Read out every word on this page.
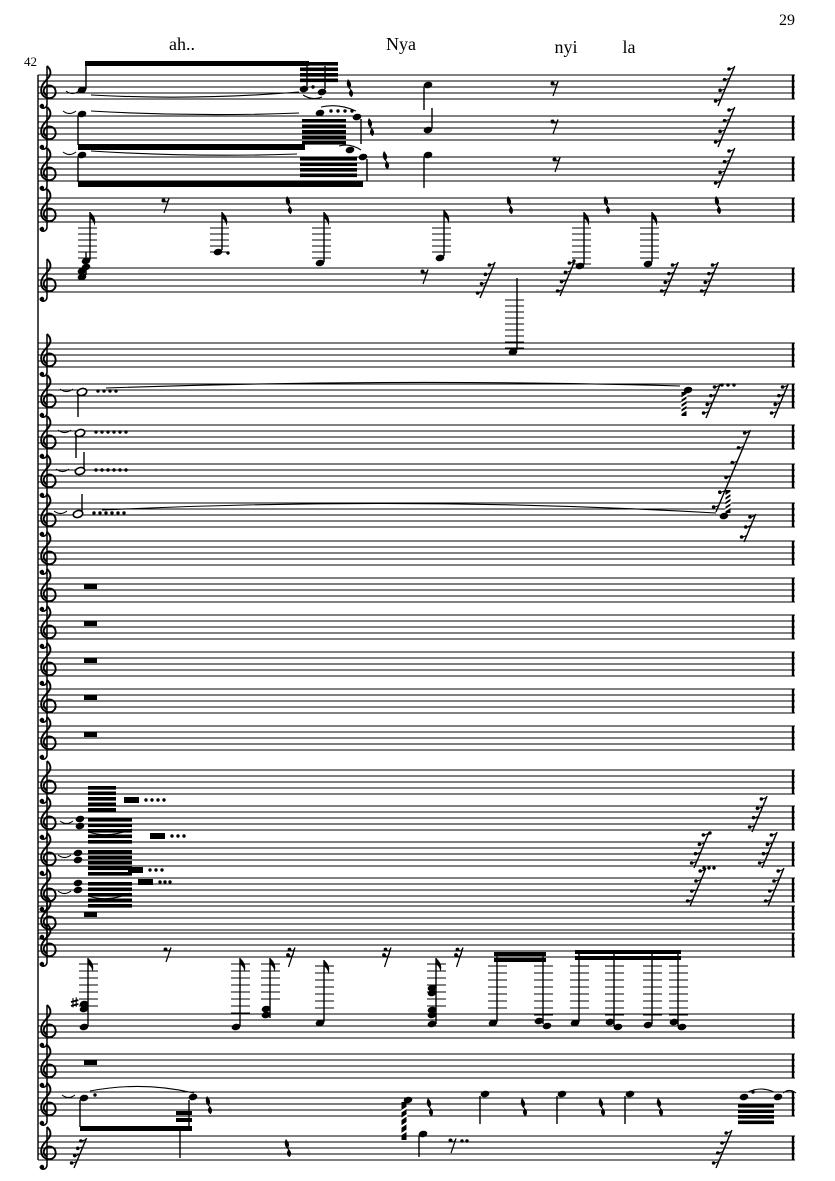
29
42
ah..	Nya	nyi la
